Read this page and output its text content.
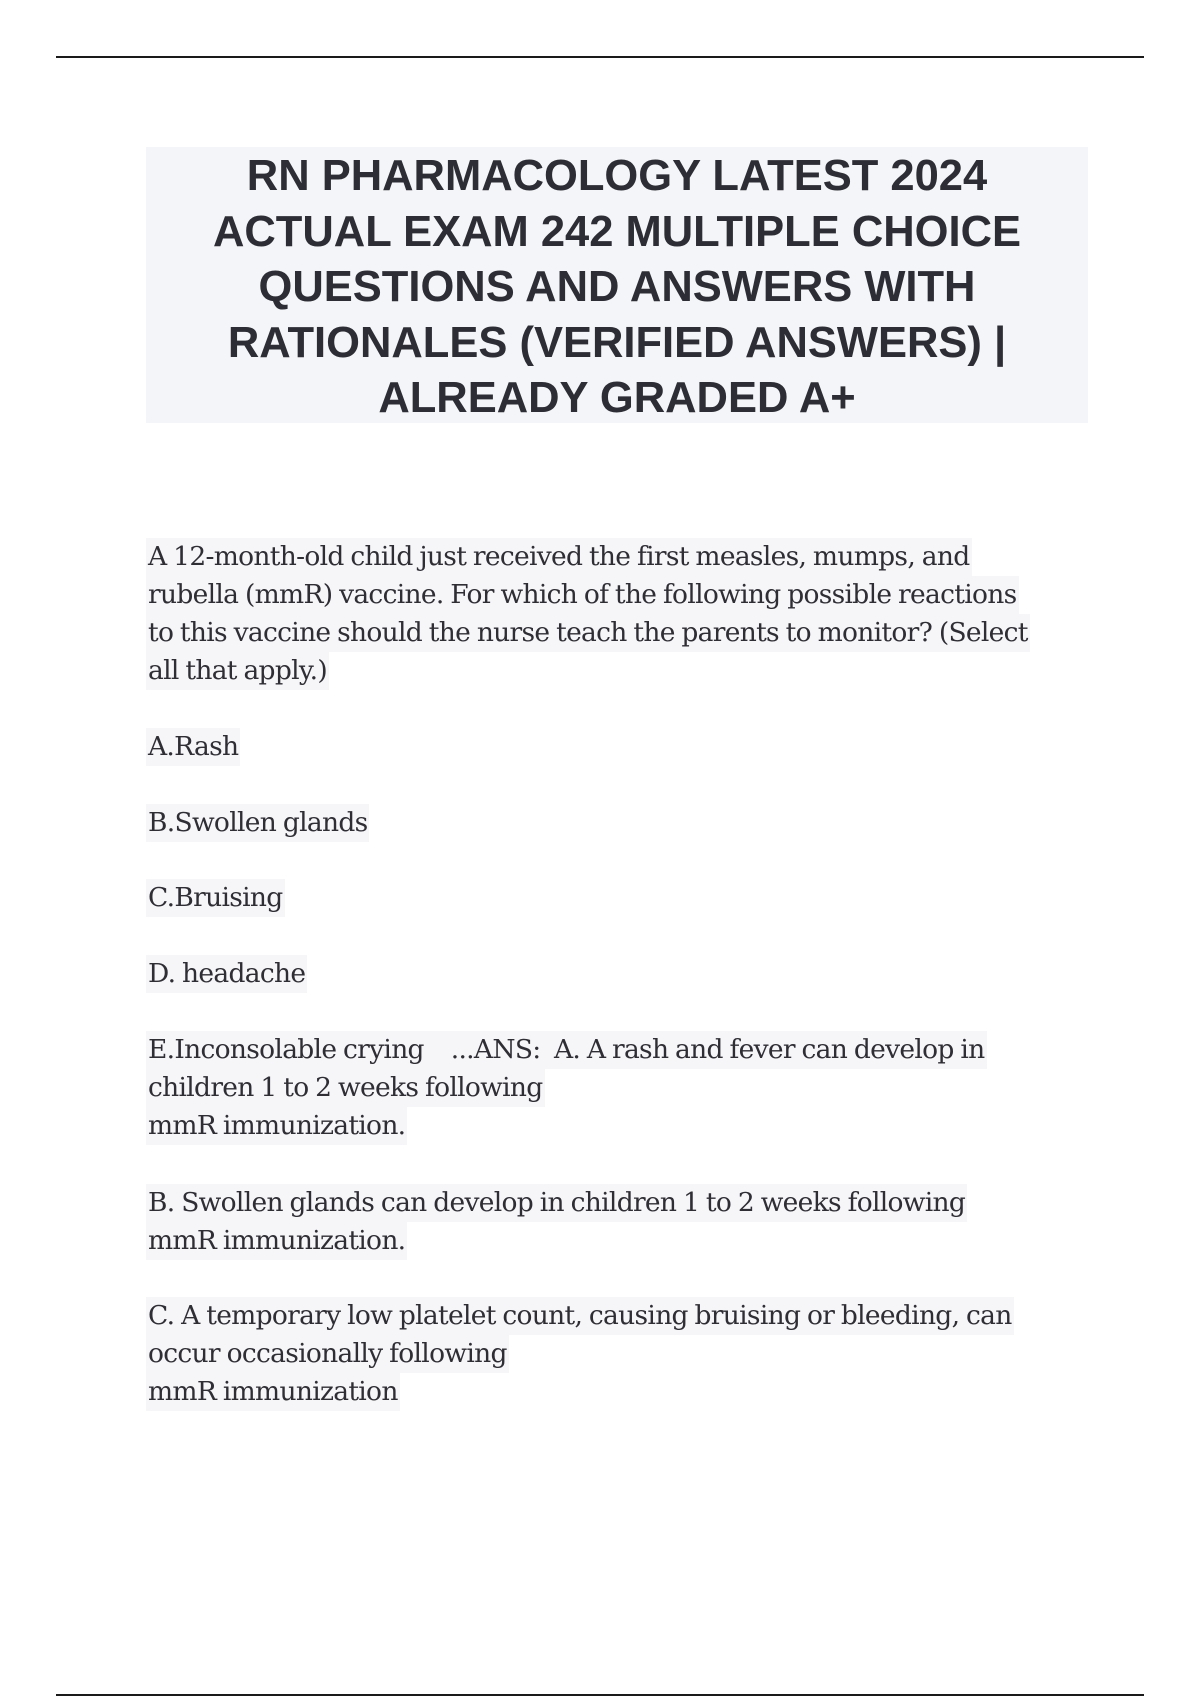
RN PHARMACOLOGY LATEST 2024
ACTUAL EXAM 242 MULTIPLE CHOICE
QUESTIONS AND ANSWERS WITH
RATIONALES (VERIFIED ANSWERS) |
ALREADY GRADED A+
A 12-month-old child just received the first measles, mumps, and
rubella (mmR) vaccine. For which of the following possible reactions
to this vaccine should the nurse teach the parents to monitor? (Select
all that apply.)
A.Rash
B.Swollen glands
C.Bruising
D. headache
E.Inconsolable crying    ...ANS:  A. A rash and fever can develop in
children 1 to 2 weeks following
mmR immunization.
B. Swollen glands can develop in children 1 to 2 weeks following
mmR immunization.
C. A temporary low platelet count, causing bruising or bleeding, can
occur occasionally following
mmR immunization
